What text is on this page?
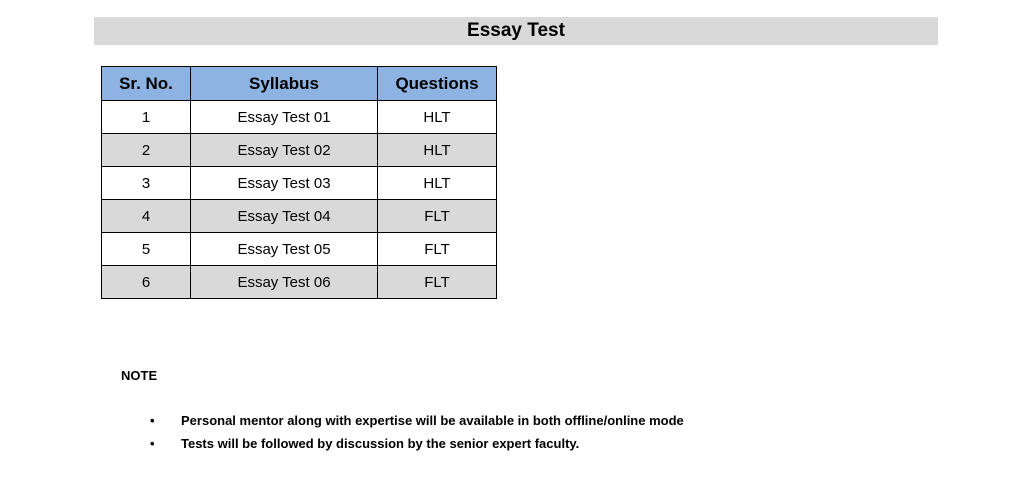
Essay Test
Sr. No.	Syllabus	Questions
1	Essay Test 01	HLT
2	Essay Test 02	HLT
3	Essay Test 03	HLT
4	Essay Test 04	FLT
5	Essay Test 05	FLT
6	Essay Test 06	FLT
NOTE
• Personal mentor along with expertise will be available in both offline/online mode
• Tests will be followed by discussion by the senior expert faculty.
